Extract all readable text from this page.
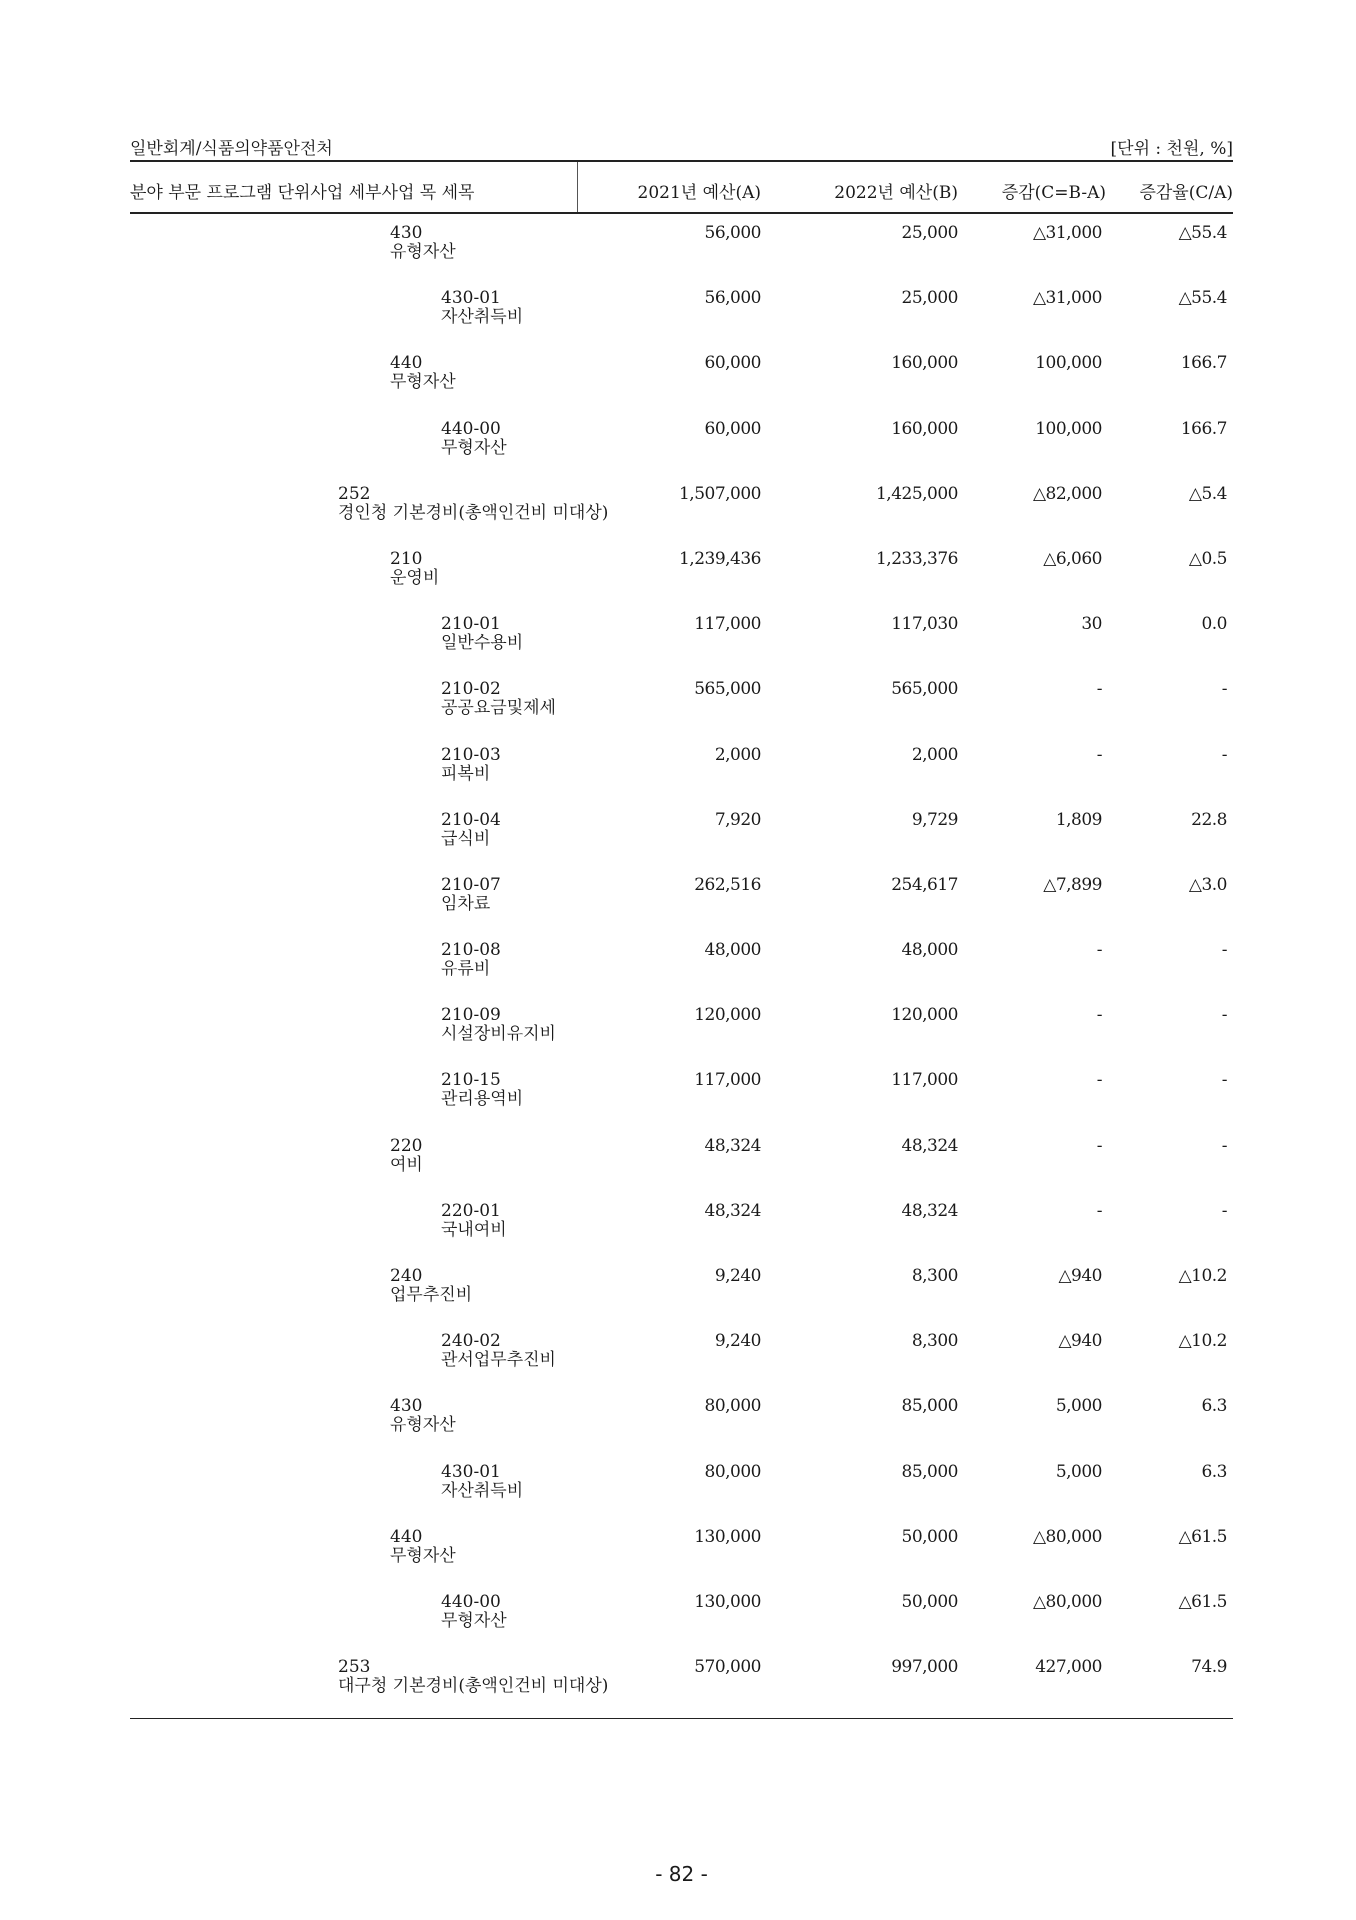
일반회계/식품의약품안전처	[단위 : 천원, %]
분야 부문 프로그램 단위사업 세부사업 목 세목	2021년 예산(A)	2022년 예산(B)	증감(C=B-A) 증감율(C/A)
430
유형자산
56,000	25,000	△31,000	△55.4
430-01
자산취득비
56,000	25,000	△31,000	△55.4
440
무형자산
60,000	160,000	100,000	166.7
440-00
무형자산
60,000	160,000	100,000	166.7
252
경인청 기본경비(총액인건비 미대상)
1,507,000	1,425,000	△82,000	△5.4
210
운영비
1,239,436	1,233,376	△6,060	△0.5
210-01
일반수용비
117,000	117,030	30	0.0
210-02
공공요금및제세
565,000	565,000	-	-
210-03
피복비
2,000	2,000	-	-
210-04
급식비
7,920	9,729	1,809	22.8
210-07
임차료
262,516	254,617	△7,899	△3.0
210-08
유류비
48,000	48,000	-	-
210-09
시설장비유지비
120,000	120,000	-	-
210-15
관리용역비
117,000	117,000	-	-
220
여비
48,324	48,324	-	-
220-01
국내여비
48,324	48,324	-	-
240
업무추진비
9,240	8,300	△940	△10.2
240-02
관서업무추진비
9,240	8,300	△940	△10.2
430
유형자산
80,000	85,000	5,000	6.3
430-01
자산취득비
80,000	85,000	5,000	6.3
440
무형자산
130,000	50,000	△80,000	△61.5
440-00
무형자산
130,000	50,000	△80,000	△61.5
253
대구청 기본경비(총액인건비 미대상)
570,000	997,000	427,000	74.9
- 82 -
